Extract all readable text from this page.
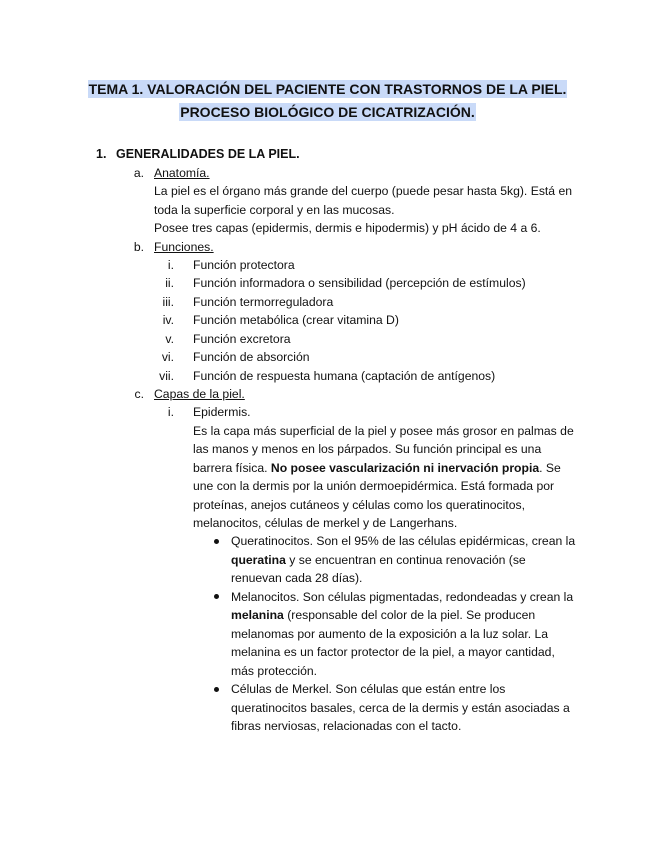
TEMA 1. VALORACIÓN DEL PACIENTE CON TRASTORNOS DE LA PIEL.
PROCESO BIOLÓGICO DE CICATRIZACIÓN.
1. GENERALIDADES DE LA PIEL.
a. Anatomía.
La piel es el órgano más grande del cuerpo (puede pesar hasta 5kg). Está en
toda la superficie corporal y en las mucosas.
Posee tres capas (epidermis, dermis e hipodermis) y pH ácido de 4 a 6.
b. Funciones.
i. Función protectora
ii. Función informadora o sensibilidad (percepción de estímulos)
iii. Función termorreguladora
iv. Función metabólica (crear vitamina D)
v. Función excretora
vi. Función de absorción
vii. Función de respuesta humana (captación de antígenos)
c. Capas de la piel.
i. Epidermis.
Es la capa más superficial de la piel y posee más grosor en palmas de
las manos y menos en los párpados. Su función principal es una
barrera física. No posee vascularización ni inervación propia. Se
une con la dermis por la unión dermoepidérmica. Está formada por
proteínas, anejos cutáneos y células como los queratinocitos,
melanocitos, células de merkel y de Langerhans.
Queratinocitos. Son el 95% de las células epidérmicas, crean la
queratina y se encuentran en continua renovación (se
renuevan cada 28 días).
Melanocitos. Son células pigmentadas, redondeadas y crean la
melanina (responsable del color de la piel. Se producen
melanomas por aumento de la exposición a la luz solar. La
melanina es un factor protector de la piel, a mayor cantidad,
más protección.
Células de Merkel. Son células que están entre los
queratinocitos basales, cerca de la dermis y están asociadas a
fibras nerviosas, relacionadas con el tacto.
